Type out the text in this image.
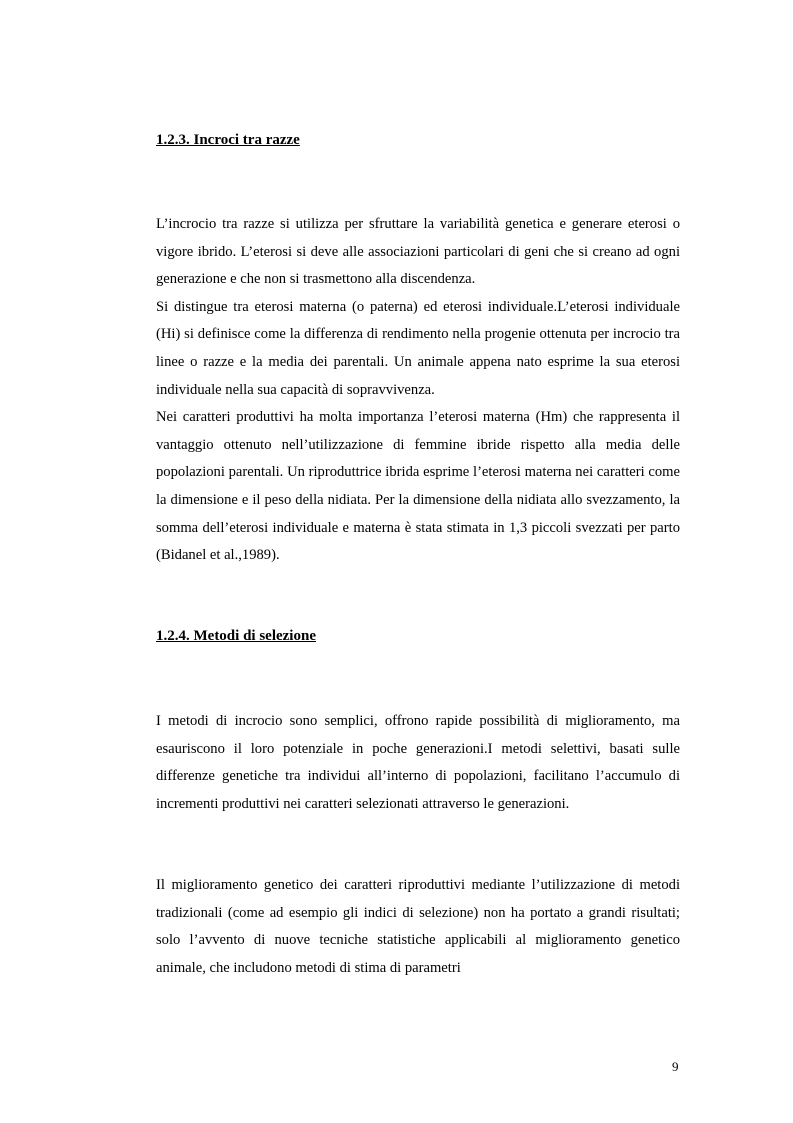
1.2.3. Incroci tra razze

L’incrocio tra razze si utilizza per sfruttare la variabilità genetica e generare eterosi o vigore ibrido. L’eterosi si deve alle associazioni particolari di geni che si creano ad ogni generazione e che non si trasmettono alla discendenza.

Si distingue tra eterosi materna (o paterna) ed eterosi individuale.L’eterosi individuale (Hi) si definisce come la differenza di rendimento nella progenie ottenuta per incrocio tra linee o razze e la media dei parentali. Un animale appena nato esprime la sua eterosi individuale nella sua capacità di sopravvivenza.

Nei caratteri produttivi ha molta importanza l’eterosi materna (Hm) che rappresenta il vantaggio ottenuto nell’utilizzazione di femmine ibride rispetto alla media delle popolazioni parentali. Un riproduttrice ibrida esprime l’eterosi materna nei caratteri come la dimensione e il peso della nidiata. Per la dimensione della nidiata allo svezzamento, la somma dell’eterosi individuale e materna è stata stimata in 1,3 piccoli svezzati per parto (Bidanel et al.,1989).

1.2.4. Metodi di selezione

I metodi di incrocio sono semplici, offrono rapide possibilità di miglioramento, ma esauriscono il loro potenziale in poche generazioni.I metodi selettivi, basati sulle differenze genetiche tra individui all’interno di popolazioni, facilitano l’accumulo di incrementi produttivi nei caratteri selezionati attraverso le generazioni.

Il miglioramento genetico dei caratteri riproduttivi mediante l’utilizzazione di metodi tradizionali (come ad esempio gli indici di selezione) non ha portato a grandi risultati; solo l’avvento di nuove tecniche statistiche applicabili al miglioramento genetico animale, che includono metodi di stima di parametri

9
